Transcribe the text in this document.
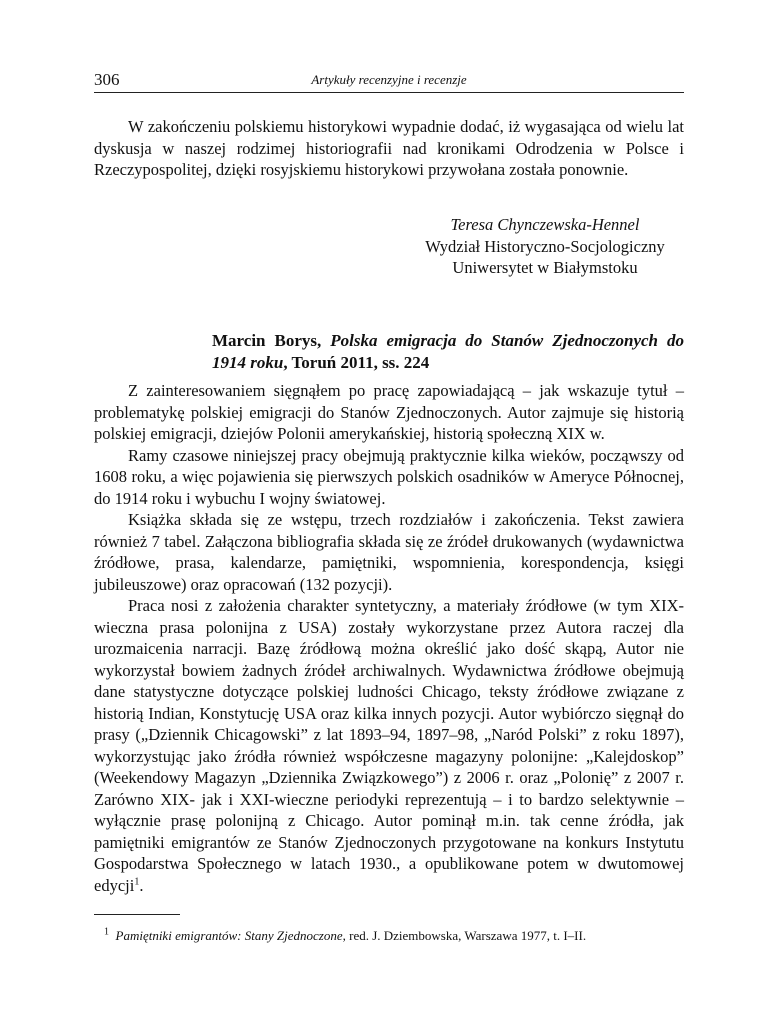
306	Artykuły recenzyjne i recenzje

W zakończeniu polskiemu historykowi wypadnie dodać, iż wygasająca od wielu lat dyskusja w naszej rodzimej historiografii nad kronikami Odrodzenia w Polsce i Rzeczypospolitej, dzięki rosyjskiemu historykowi przywołana została ponownie.

Teresa Chynczewska-Hennel
Wydział Historyczno-Socjologiczny
Uniwersytet w Białymstoku
Marcin Borys, Polska emigracja do Stanów Zjednoczonych do 1914 roku, Toruń 2011, ss. 224

Z zainteresowaniem sięgnąłem po pracę zapowiadającą – jak wskazuje tytuł – problematykę polskiej emigracji do Stanów Zjednoczonych. Autor zajmuje się historią polskiej emigracji, dziejów Polonii amerykańskiej, historią społeczną XIX w.

Ramy czasowe niniejszej pracy obejmują praktycznie kilka wieków, począwszy od 1608 roku, a więc pojawienia się pierwszych polskich osadników w Ameryce Północnej, do 1914 roku i wybuchu I wojny światowej.

Książka składa się ze wstępu, trzech rozdziałów i zakończenia. Tekst zawiera również 7 tabel. Załączona bibliografia składa się ze źródeł drukowanych (wydawnictwa źródłowe, prasa, kalendarze, pamiętniki, wspomnienia, korespondencja, księgi jubileuszowe) oraz opracowań (132 pozycji).

Praca nosi z założenia charakter syntetyczny, a materiały źródłowe (w tym XIX-wieczna prasa polonijna z USA) zostały wykorzystane przez Autora raczej dla urozmaicenia narracji. Bazę źródłową można określić jako dość skąpą, Autor nie wykorzystał bowiem żadnych źródeł archiwalnych. Wydawnictwa źródłowe obejmują dane statystyczne dotyczące polskiej ludności Chicago, teksty źródłowe związane z historią Indian, Konstytucję USA oraz kilka innych pozycji. Autor wybiórczo sięgnął do prasy („Dziennik Chicagowski” z lat 1893–94, 1897–98, „Naród Polski” z roku 1897), wykorzystując jako źródła również współczesne magazyny polonijne: „Kalejdoskop” (Weekendowy Magazyn „Dziennika Związkowego”) z 2006 r. oraz „Polonię” z 2007 r. Zarówno XIX- jak i XXI-wieczne periodyki reprezentują – i to bardzo selektywnie – wyłącznie prasę polonijną z Chicago. Autor pominął m.in. tak cenne źródła, jak pamiętniki emigrantów ze Stanów Zjednoczonych przygotowane na konkurs Instytutu Gospodarstwa Społecznego w latach 1930., a opublikowane potem w dwutomowej edycji$^1$.

$^1$ Pamiętniki emigrantów: Stany Zjednoczone, red. J. Dziembowska, Warszawa 1977, t. I–II.
